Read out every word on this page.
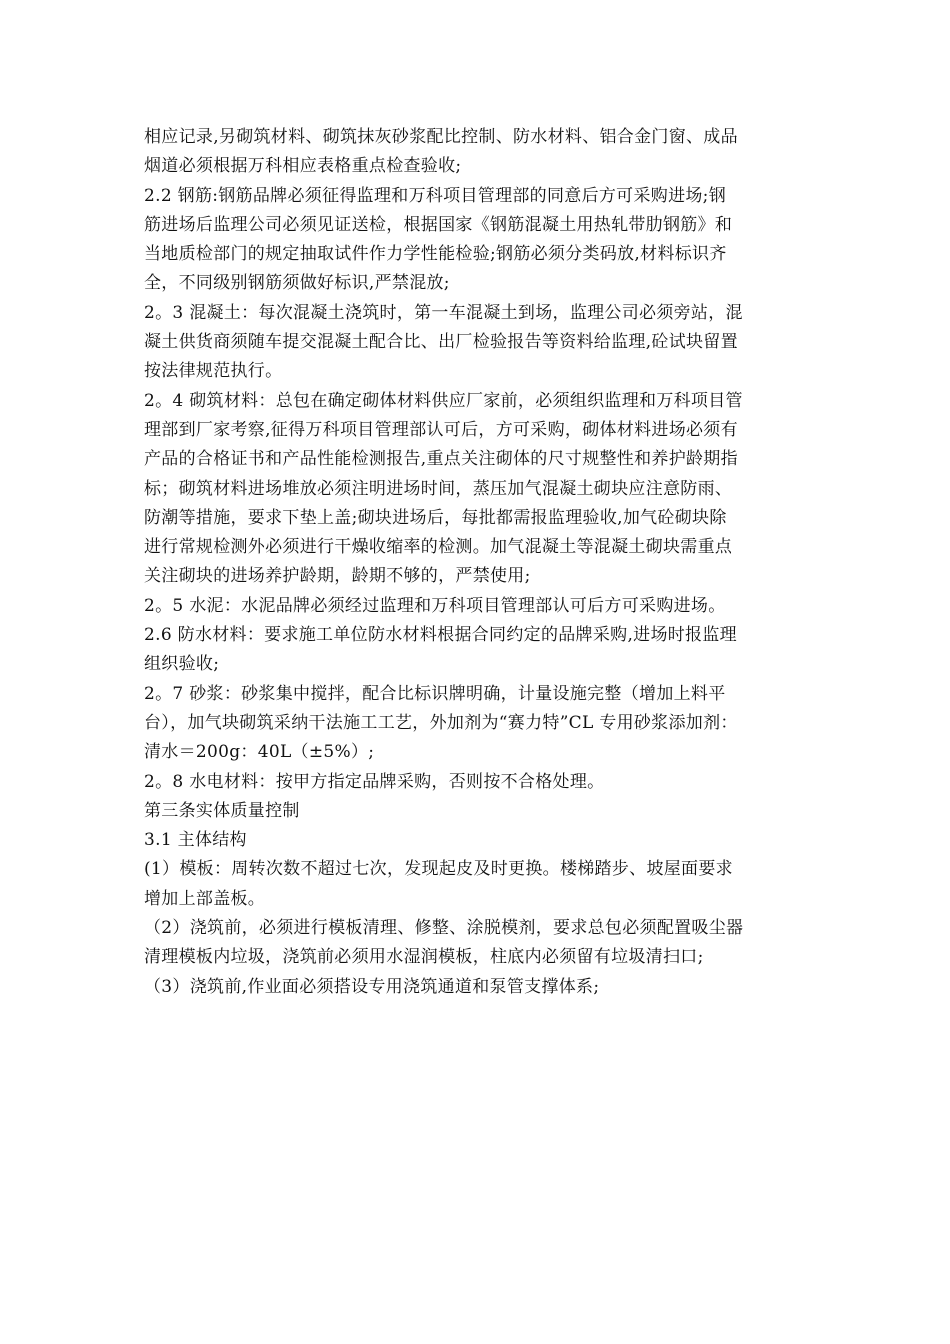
相应记录,另砌筑材料、砌筑抹灰砂浆配比控制、防水材料、铝合金门窗、成品
烟道必须根据万科相应表格重点检查验收;
2.2 钢筋:钢筋品牌必须征得监理和万科项目管理部的同意后方可采购进场;钢
筋进场后监理公司必须见证送检，根据国家《钢筋混凝土用热轧带肋钢筋》和
当地质检部门的规定抽取试件作力学性能检验;钢筋必须分类码放,材料标识齐
全，不同级别钢筋须做好标识,严禁混放;
2。3 混凝土：每次混凝土浇筑时，第一车混凝土到场，监理公司必须旁站，混
凝土供货商须随车提交混凝土配合比、出厂检验报告等资料给监理,砼试块留置
按法律规范执行。
2。4 砌筑材料：总包在确定砌体材料供应厂家前，必须组织监理和万科项目管
理部到厂家考察,征得万科项目管理部认可后，方可采购，砌体材料进场必须有
产品的合格证书和产品性能检测报告,重点关注砌体的尺寸规整性和养护龄期指
标；砌筑材料进场堆放必须注明进场时间，蒸压加气混凝土砌块应注意防雨、
防潮等措施，要求下垫上盖;砌块进场后，每批都需报监理验收,加气砼砌块除
进行常规检测外必须进行干燥收缩率的检测。加气混凝土等混凝土砌块需重点
关注砌块的进场养护龄期，龄期不够的，严禁使用;
2。5 水泥：水泥品牌必须经过监理和万科项目管理部认可后方可采购进场。
2.6 防水材料：要求施工单位防水材料根据合同约定的品牌采购,进场时报监理
组织验收;
2。7 砂浆：砂浆集中搅拌，配合比标识牌明确，计量设施完整（增加上料平
台），加气块砌筑采纳干法施工工艺，外加剂为“赛力特”CL 专用砂浆添加剂：
清水＝200g：40L（±5%）;
2。8 水电材料：按甲方指定品牌采购，否则按不合格处理。
第三条实体质量控制
3.1 主体结构
(1）模板：周转次数不超过七次，发现起皮及时更换。楼梯踏步、坡屋面要求
增加上部盖板。
（2）浇筑前，必须进行模板清理、修整、涂脱模剂，要求总包必须配置吸尘器
清理模板内垃圾，浇筑前必须用水湿润模板，柱底内必须留有垃圾清扫口;
（3）浇筑前,作业面必须搭设专用浇筑通道和泵管支撑体系;
